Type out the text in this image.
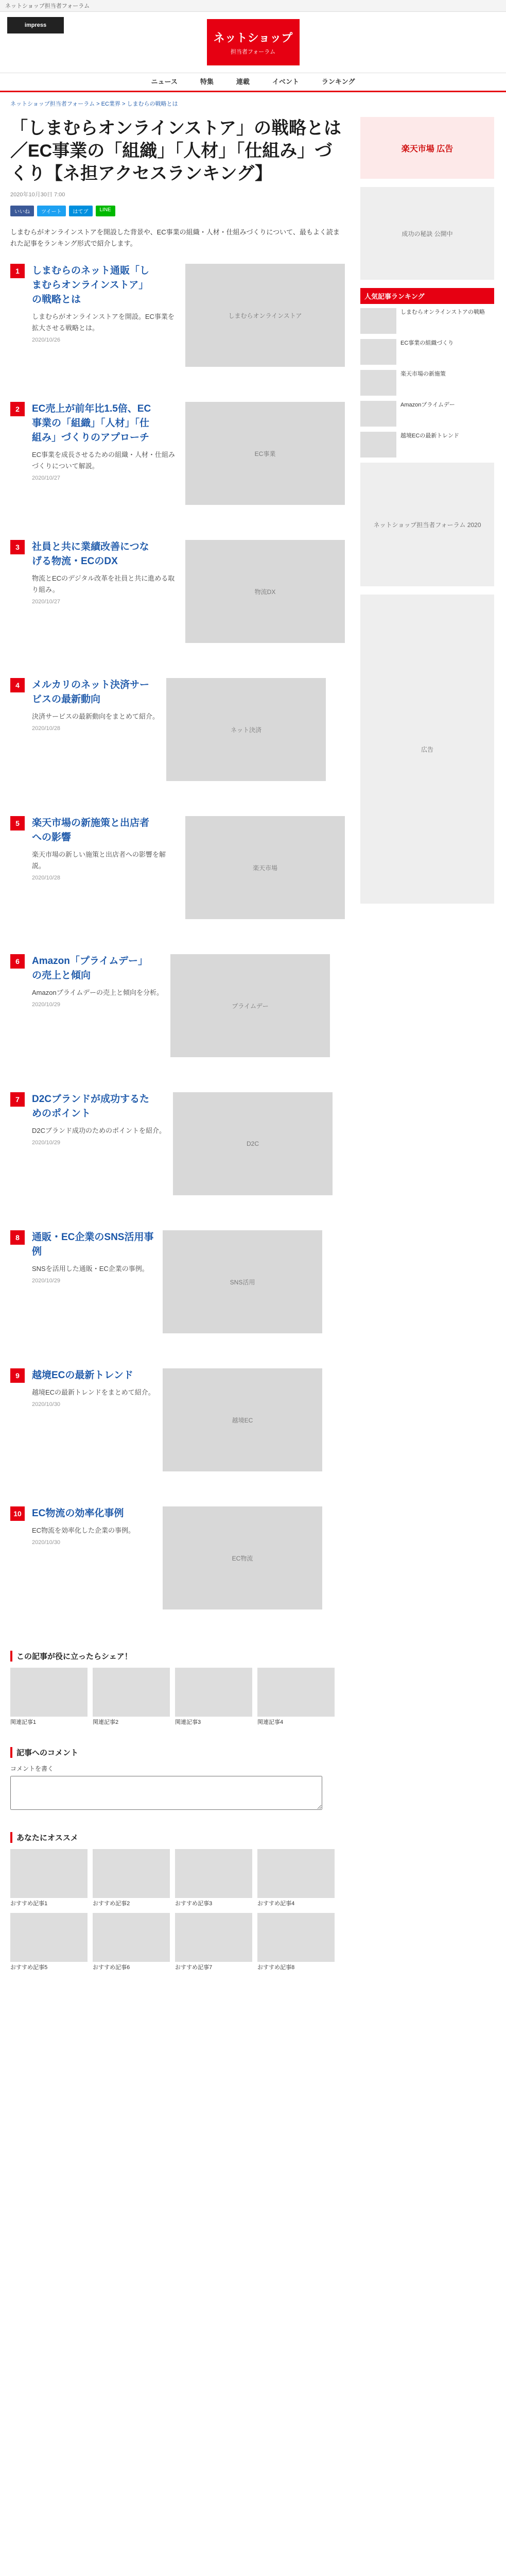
ネットショップ担当者フォーラム
impress
ネットショップ
担当者フォーラム
ニュース	特集	連載	イベント	ランキング
ネットショップ担当者フォーラム > EC業界 > しまむらの戦略とは
「しまむらオンラインストア」の戦略とは／EC事業の「組織」「人材」「仕組み」づくり【ネ担アクセスランキング】
2020年10月30日 7:00
いいね	ツイート	はてブ	LINE
しまむらがオンラインストアを開設した背景や、EC事業の組織・人材・仕組みづくりについて、最もよく読まれた記事をランキング形式で紹介します。
1	しまむらのネット通販「しまむらオンラインストア」の戦略とは
しまむらがオンラインストアを開設。EC事業を拡大させる戦略とは。
2020/10/26
しまむらオンラインストア
2	EC売上が前年比1.5倍、EC事業の「組織」「人材」「仕組み」づくりのアプローチ
EC事業を成長させるための組織・人材・仕組みづくりについて解説。
2020/10/27
EC事業
3	社員と共に業績改善につなげる物流・ECのDX
物流とECのデジタル改革を社員と共に進める取り組み。
2020/10/27
物流DX
4	メルカリのネット決済サービスの最新動向
決済サービスの最新動向をまとめて紹介。
2020/10/28	ネット決済
5	楽天市場の新施策と出店者への影響
楽天市場の新しい施策と出店者への影響を解説。
2020/10/28
楽天市場
6	Amazon「プライムデー」の売上と傾向
Amazonプライムデーの売上と傾向を分析。
2020/10/29	プライムデー
7	D2Cブランドが成功するためのポイント
D2Cブランド成功のためのポイントを紹介。
2020/10/29	D2C
8	通販・EC企業のSNS活用事例
SNSを活用した通販・EC企業の事例。
2020/10/29	SNS活用
9	越境ECの最新トレンド
越境ECの最新トレンドをまとめて紹介。
2020/10/30
越境EC
10	EC物流の効率化事例
EC物流を効率化した企業の事例。
2020/10/30
EC物流
この記事が役に立ったらシェア！
関連記事1	関連記事2	関連記事3	関連記事4
記事へのコメント
コメントを書く
あなたにオススメ
おすすめ記事1	おすすめ記事2	おすすめ記事3	おすすめ記事4
おすすめ記事5	おすすめ記事6	おすすめ記事7	おすすめ記事8
楽天市場 広告
成功の秘訣 公開中
人気記事ランキング
しまむらオンラインストアの戦略
EC事業の組織づくり
楽天市場の新施策
Amazonプライムデー
越境ECの最新トレンド
ネットショップ担当者フォーラム 2020
広告
